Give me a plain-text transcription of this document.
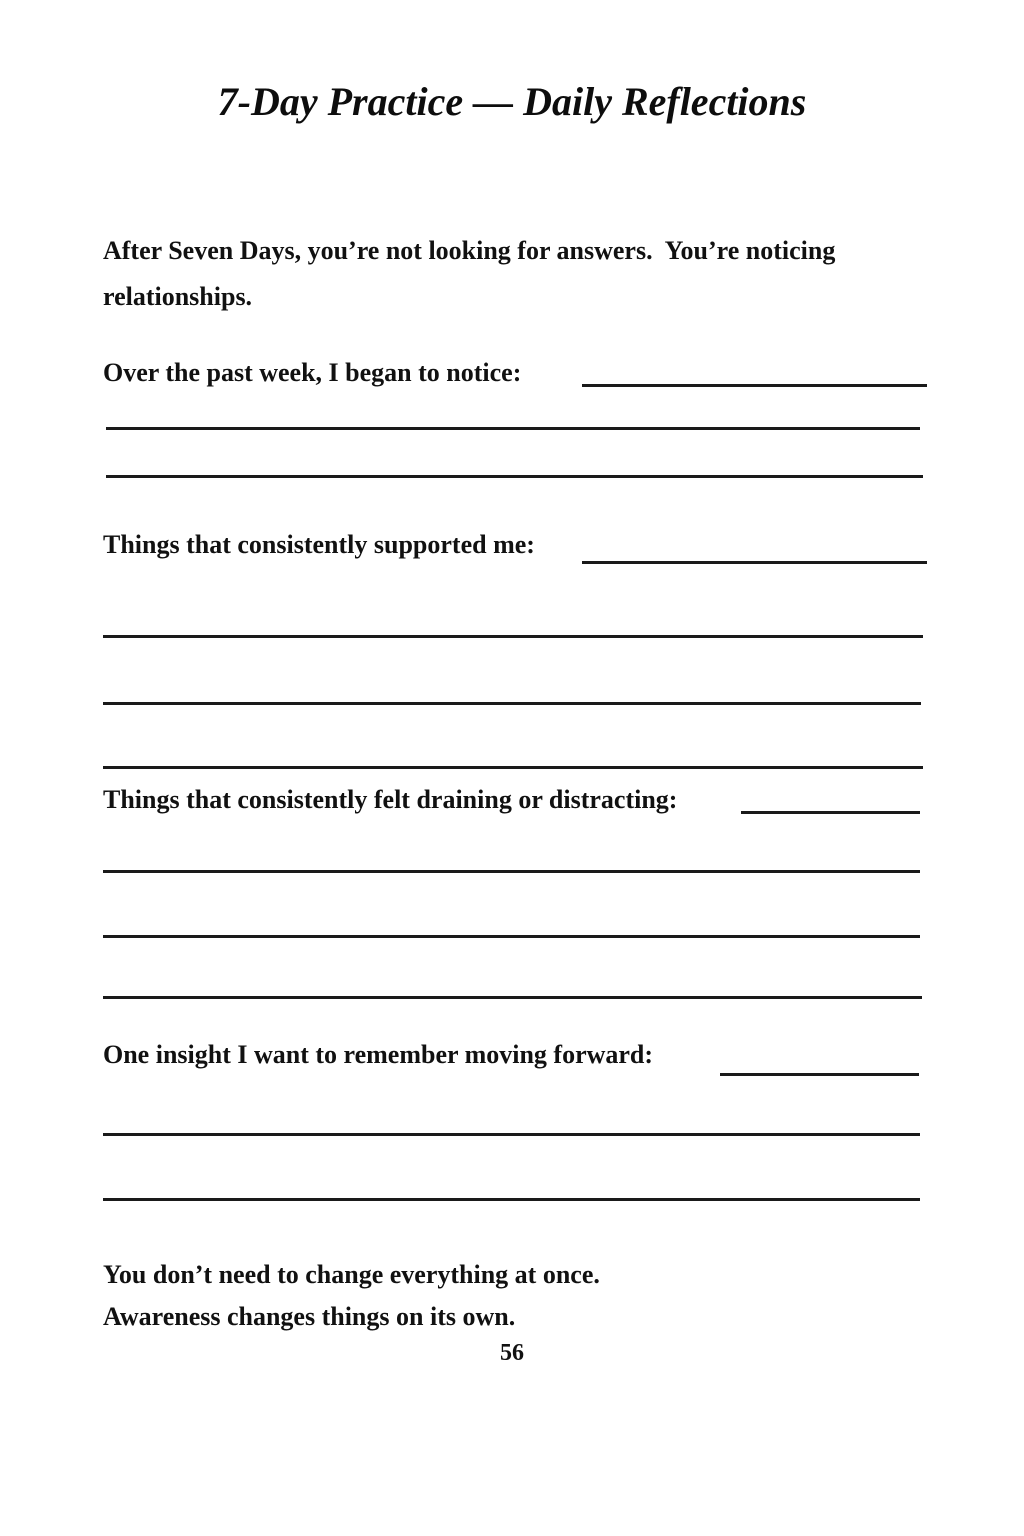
7-Day Practice — Daily Reflections
After Seven Days, you’re not looking for answers.  You’re noticing
relationships.
Over the past week, I began to notice:
Things that consistently supported me:
Things that consistently felt draining or distracting:
One insight I want to remember moving forward:
You don’t need to change everything at once.
Awareness changes things on its own.
56
